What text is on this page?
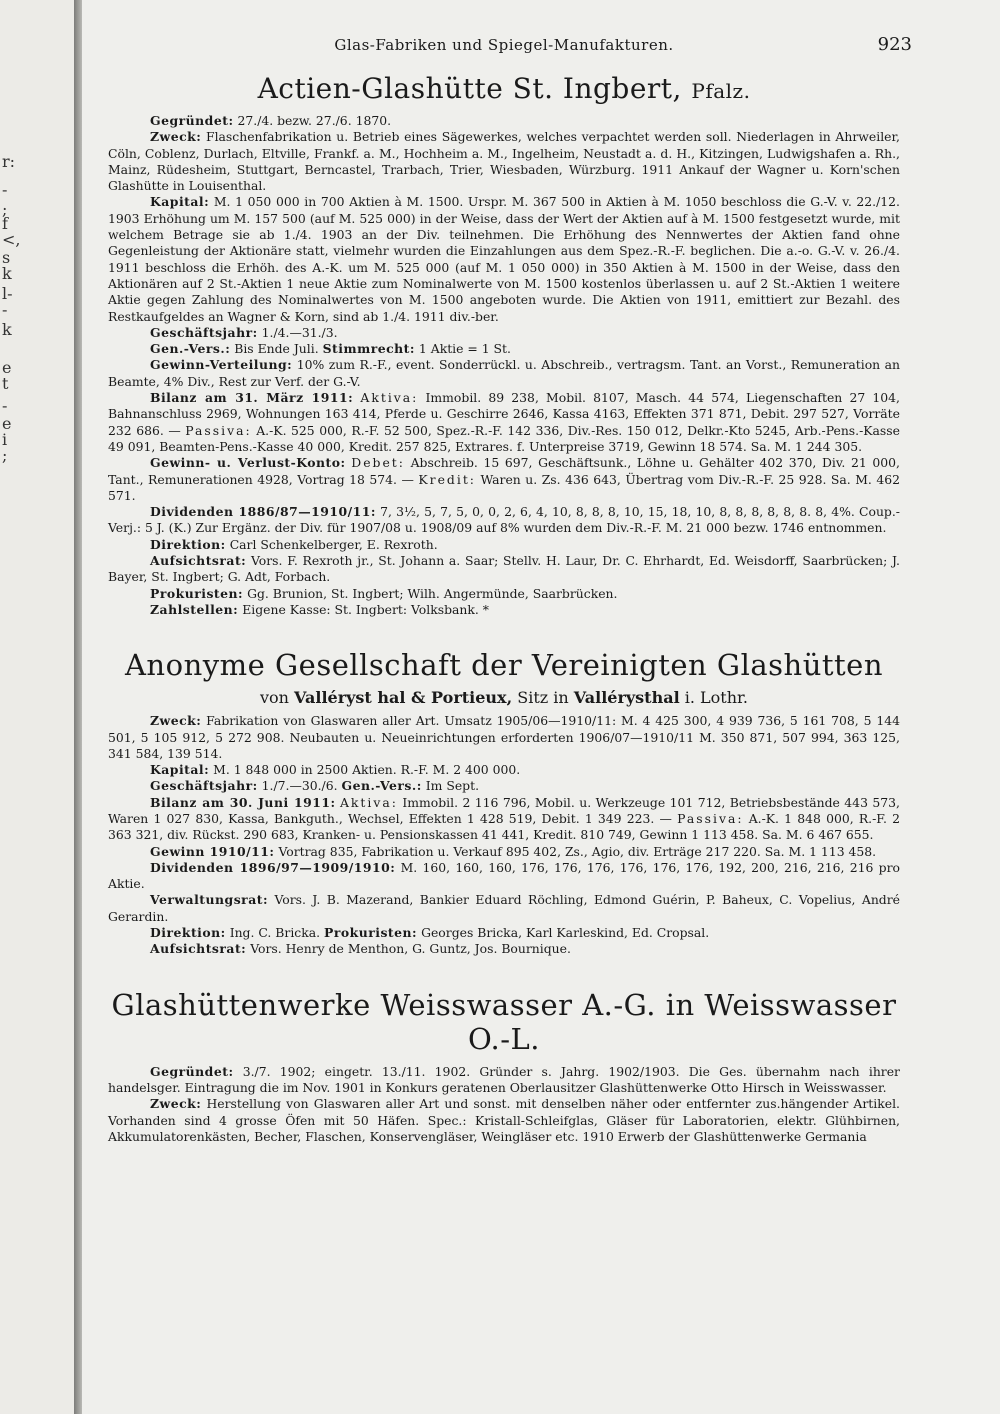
r:
-
;
f
<,
s
k
l-
-
k
e
t
-
e
i
;
Glas-Fabriken und Spiegel-Manufakturen.	923
Actien-Glashütte St. Ingbert, Pfalz.

Gegründet: 27./4. bezw. 27./6. 1870.

Zweck: Flaschenfabrikation u. Betrieb eines Sägewerkes, welches verpachtet werden soll. Niederlagen in Ahrweiler, Cöln, Coblenz, Durlach, Eltville, Frankf. a. M., Hochheim a. M., Ingelheim, Neustadt a. d. H., Kitzingen, Ludwigshafen a. Rh., Mainz, Rüdesheim, Stuttgart, Berncastel, Trarbach, Trier, Wiesbaden, Würzburg. 1911 Ankauf der Wagner u. Korn'schen Glashütte in Louisenthal.

Kapital: M. 1 050 000 in 700 Aktien à M. 1500. Urspr. M. 367 500 in Aktien à M. 1050 beschloss die G.-V. v. 22./12. 1903 Erhöhung um M. 157 500 (auf M. 525 000) in der Weise, dass der Wert der Aktien auf à M. 1500 festgesetzt wurde, mit welchem Betrage sie ab 1./4. 1903 an der Div. teilnehmen. Die Erhöhung des Nennwertes der Aktien fand ohne Gegenleistung der Aktionäre statt, vielmehr wurden die Einzahlungen aus dem Spez.-R.-F. beglichen. Die a.-o. G.-V. v. 26./4. 1911 beschloss die Erhöh. des A.-K. um M. 525 000 (auf M. 1 050 000) in 350 Aktien à M. 1500 in der Weise, dass den Aktionären auf 2 St.-Aktien 1 neue Aktie zum Nominalwerte von M. 1500 kostenlos überlassen u. auf 2 St.-Aktien 1 weitere Aktie gegen Zahlung des Nominalwertes von M. 1500 angeboten wurde. Die Aktien von 1911, emittiert zur Bezahl. des Restkaufgeldes an Wagner & Korn, sind ab 1./4. 1911 div.-ber.

Geschäftsjahr: 1./4.—31./3.

Gen.-Vers.: Bis Ende Juli. Stimmrecht: 1 Aktie = 1 St.

Gewinn-Verteilung: 10% zum R.-F., event. Sonderrückl. u. Abschreib., vertragsm. Tant. an Vorst., Remuneration an Beamte, 4% Div., Rest zur Verf. der G.-V.

Bilanz am 31. März 1911: Aktiva: Immobil. 89 238, Mobil. 8107, Masch. 44 574, Liegenschaften 27 104, Bahnanschluss 2969, Wohnungen 163 414, Pferde u. Geschirre 2646, Kassa 4163, Effekten 371 871, Debit. 297 527, Vorräte 232 686. — Passiva: A.-K. 525 000, R.-F. 52 500, Spez.-R.-F. 142 336, Div.-Res. 150 012, Delkr.-Kto 5245, Arb.-Pens.-Kasse 49 091, Beamten-Pens.-Kasse 40 000, Kredit. 257 825, Extrares. f. Unterpreise 3719, Gewinn 18 574. Sa. M. 1 244 305.

Gewinn- u. Verlust-Konto: Debet: Abschreib. 15 697, Geschäftsunk., Löhne u. Gehälter 402 370, Div. 21 000, Tant., Remunerationen 4928, Vortrag 18 574. — Kredit: Waren u. Zs. 436 643, Übertrag vom Div.-R.-F. 25 928. Sa. M. 462 571.

Dividenden 1886/87—1910/11: 7, 3½, 5, 7, 5, 0, 0, 2, 6, 4, 10, 8, 8, 8, 10, 15, 18, 10, 8, 8, 8, 8, 8, 8. 8, 4%. Coup.-Verj.: 5 J. (K.) Zur Ergänz. der Div. für 1907/08 u. 1908/09 auf 8% wurden dem Div.-R.-F. M. 21 000 bezw. 1746 entnommen.

Direktion: Carl Schenkelberger, E. Rexroth.

Aufsichtsrat: Vors. F. Rexroth jr., St. Johann a. Saar; Stellv. H. Laur, Dr. C. Ehrhardt, Ed. Weisdorff, Saarbrücken; J. Bayer, St. Ingbert; G. Adt, Forbach.

Prokuristen: Gg. Brunion, St. Ingbert; Wilh. Angermünde, Saarbrücken.

Zahlstellen: Eigene Kasse: St. Ingbert: Volksbank. *

Anonyme Gesellschaft der Vereinigten Glashütten
von Valléryst hal & Portieux, Sitz in Vallérysthal i. Lothr.

Zweck: Fabrikation von Glaswaren aller Art. Umsatz 1905/06—1910/11: M. 4 425 300, 4 939 736, 5 161 708, 5 144 501, 5 105 912, 5 272 908. Neubauten u. Neueinrichtungen erforderten 1906/07—1910/11 M. 350 871, 507 994, 363 125, 341 584, 139 514.

Kapital: M. 1 848 000 in 2500 Aktien. R.-F. M. 2 400 000.

Geschäftsjahr: 1./7.—30./6. Gen.-Vers.: Im Sept.

Bilanz am 30. Juni 1911: Aktiva: Immobil. 2 116 796, Mobil. u. Werkzeuge 101 712, Betriebsbestände 443 573, Waren 1 027 830, Kassa, Bankguth., Wechsel, Effekten 1 428 519, Debit. 1 349 223. — Passiva: A.-K. 1 848 000, R.-F. 2 363 321, div. Rückst. 290 683, Kranken- u. Pensionskassen 41 441, Kredit. 810 749, Gewinn 1 113 458. Sa. M. 6 467 655.

Gewinn 1910/11: Vortrag 835, Fabrikation u. Verkauf 895 402, Zs., Agio, div. Erträge 217 220. Sa. M. 1 113 458.

Dividenden 1896/97—1909/1910: M. 160, 160, 160, 176, 176, 176, 176, 176, 176, 192, 200, 216, 216, 216 pro Aktie.

Verwaltungsrat: Vors. J. B. Mazerand, Bankier Eduard Röchling, Edmond Guérin, P. Baheux, C. Vopelius, André Gerardin.

Direktion: Ing. C. Bricka. Prokuristen: Georges Bricka, Karl Karleskind, Ed. Cropsal.

Aufsichtsrat: Vors. Henry de Menthon, G. Guntz, Jos. Bournique.

Glashüttenwerke Weisswasser A.-G. in Weisswasser O.-L.

Gegründet: 3./7. 1902; eingetr. 13./11. 1902. Gründer s. Jahrg. 1902/1903. Die Ges. übernahm nach ihrer handelsger. Eintragung die im Nov. 1901 in Konkurs geratenen Oberlausitzer Glashüttenwerke Otto Hirsch in Weisswasser.

Zweck: Herstellung von Glaswaren aller Art und sonst. mit denselben näher oder entfernter zus.hängender Artikel. Vorhanden sind 4 grosse Öfen mit 50 Häfen. Spec.: Kristall-Schleifglas, Gläser für Laboratorien, elektr. Glühbirnen, Akkumulatorenkästen, Becher, Flaschen, Konservengläser, Weingläser etc. 1910 Erwerb der Glashüttenwerke Germania
